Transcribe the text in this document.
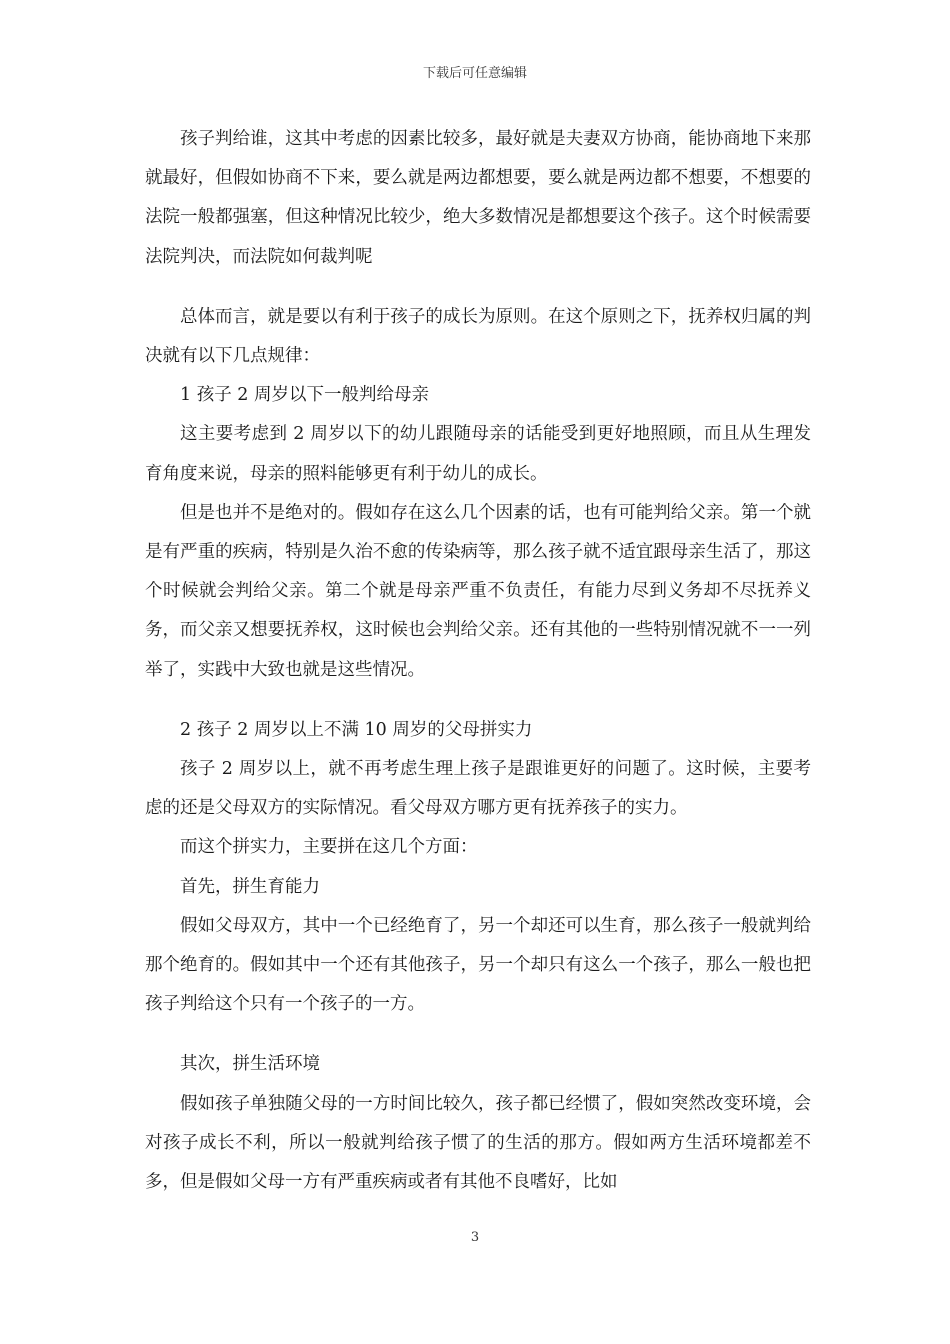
下载后可任意编辑

孩子判给谁，这其中考虑的因素比较多，最好就是夫妻双方协商，能协商地下来那就最好，但假如协商不下来，要么就是两边都想要，要么就是两边都不想要，不想要的法院一般都强塞，但这种情况比较少，绝大多数情况是都想要这个孩子。这个时候需要法院判决，而法院如何裁判呢

总体而言，就是要以有利于孩子的成长为原则。在这个原则之下，抚养权归属的判决就有以下几点规律：

1 孩子 2 周岁以下一般判给母亲

这主要考虑到 2 周岁以下的幼儿跟随母亲的话能受到更好地照顾，而且从生理发育角度来说，母亲的照料能够更有利于幼儿的成长。

但是也并不是绝对的。假如存在这么几个因素的话，也有可能判给父亲。第一个就是有严重的疾病，特别是久治不愈的传染病等，那么孩子就不适宜跟母亲生活了，那这个时候就会判给父亲。第二个就是母亲严重不负责任，有能力尽到义务却不尽抚养义务，而父亲又想要抚养权，这时候也会判给父亲。还有其他的一些特别情况就不一一列举了，实践中大致也就是这些情况。

2 孩子 2 周岁以上不满 10 周岁的父母拼实力

孩子 2 周岁以上，就不再考虑生理上孩子是跟谁更好的问题了。这时候，主要考虑的还是父母双方的实际情况。看父母双方哪方更有抚养孩子的实力。

而这个拼实力，主要拼在这几个方面：

首先，拼生育能力

假如父母双方，其中一个已经绝育了，另一个却还可以生育，那么孩子一般就判给那个绝育的。假如其中一个还有其他孩子，另一个却只有这么一个孩子，那么一般也把孩子判给这个只有一个孩子的一方。

其次，拼生活环境

假如孩子单独随父母的一方时间比较久，孩子都已经惯了，假如突然改变环境，会对孩子成长不利，所以一般就判给孩子惯了的生活的那方。假如两方生活环境都差不多，但是假如父母一方有严重疾病或者有其他不良嗜好，比如

3
